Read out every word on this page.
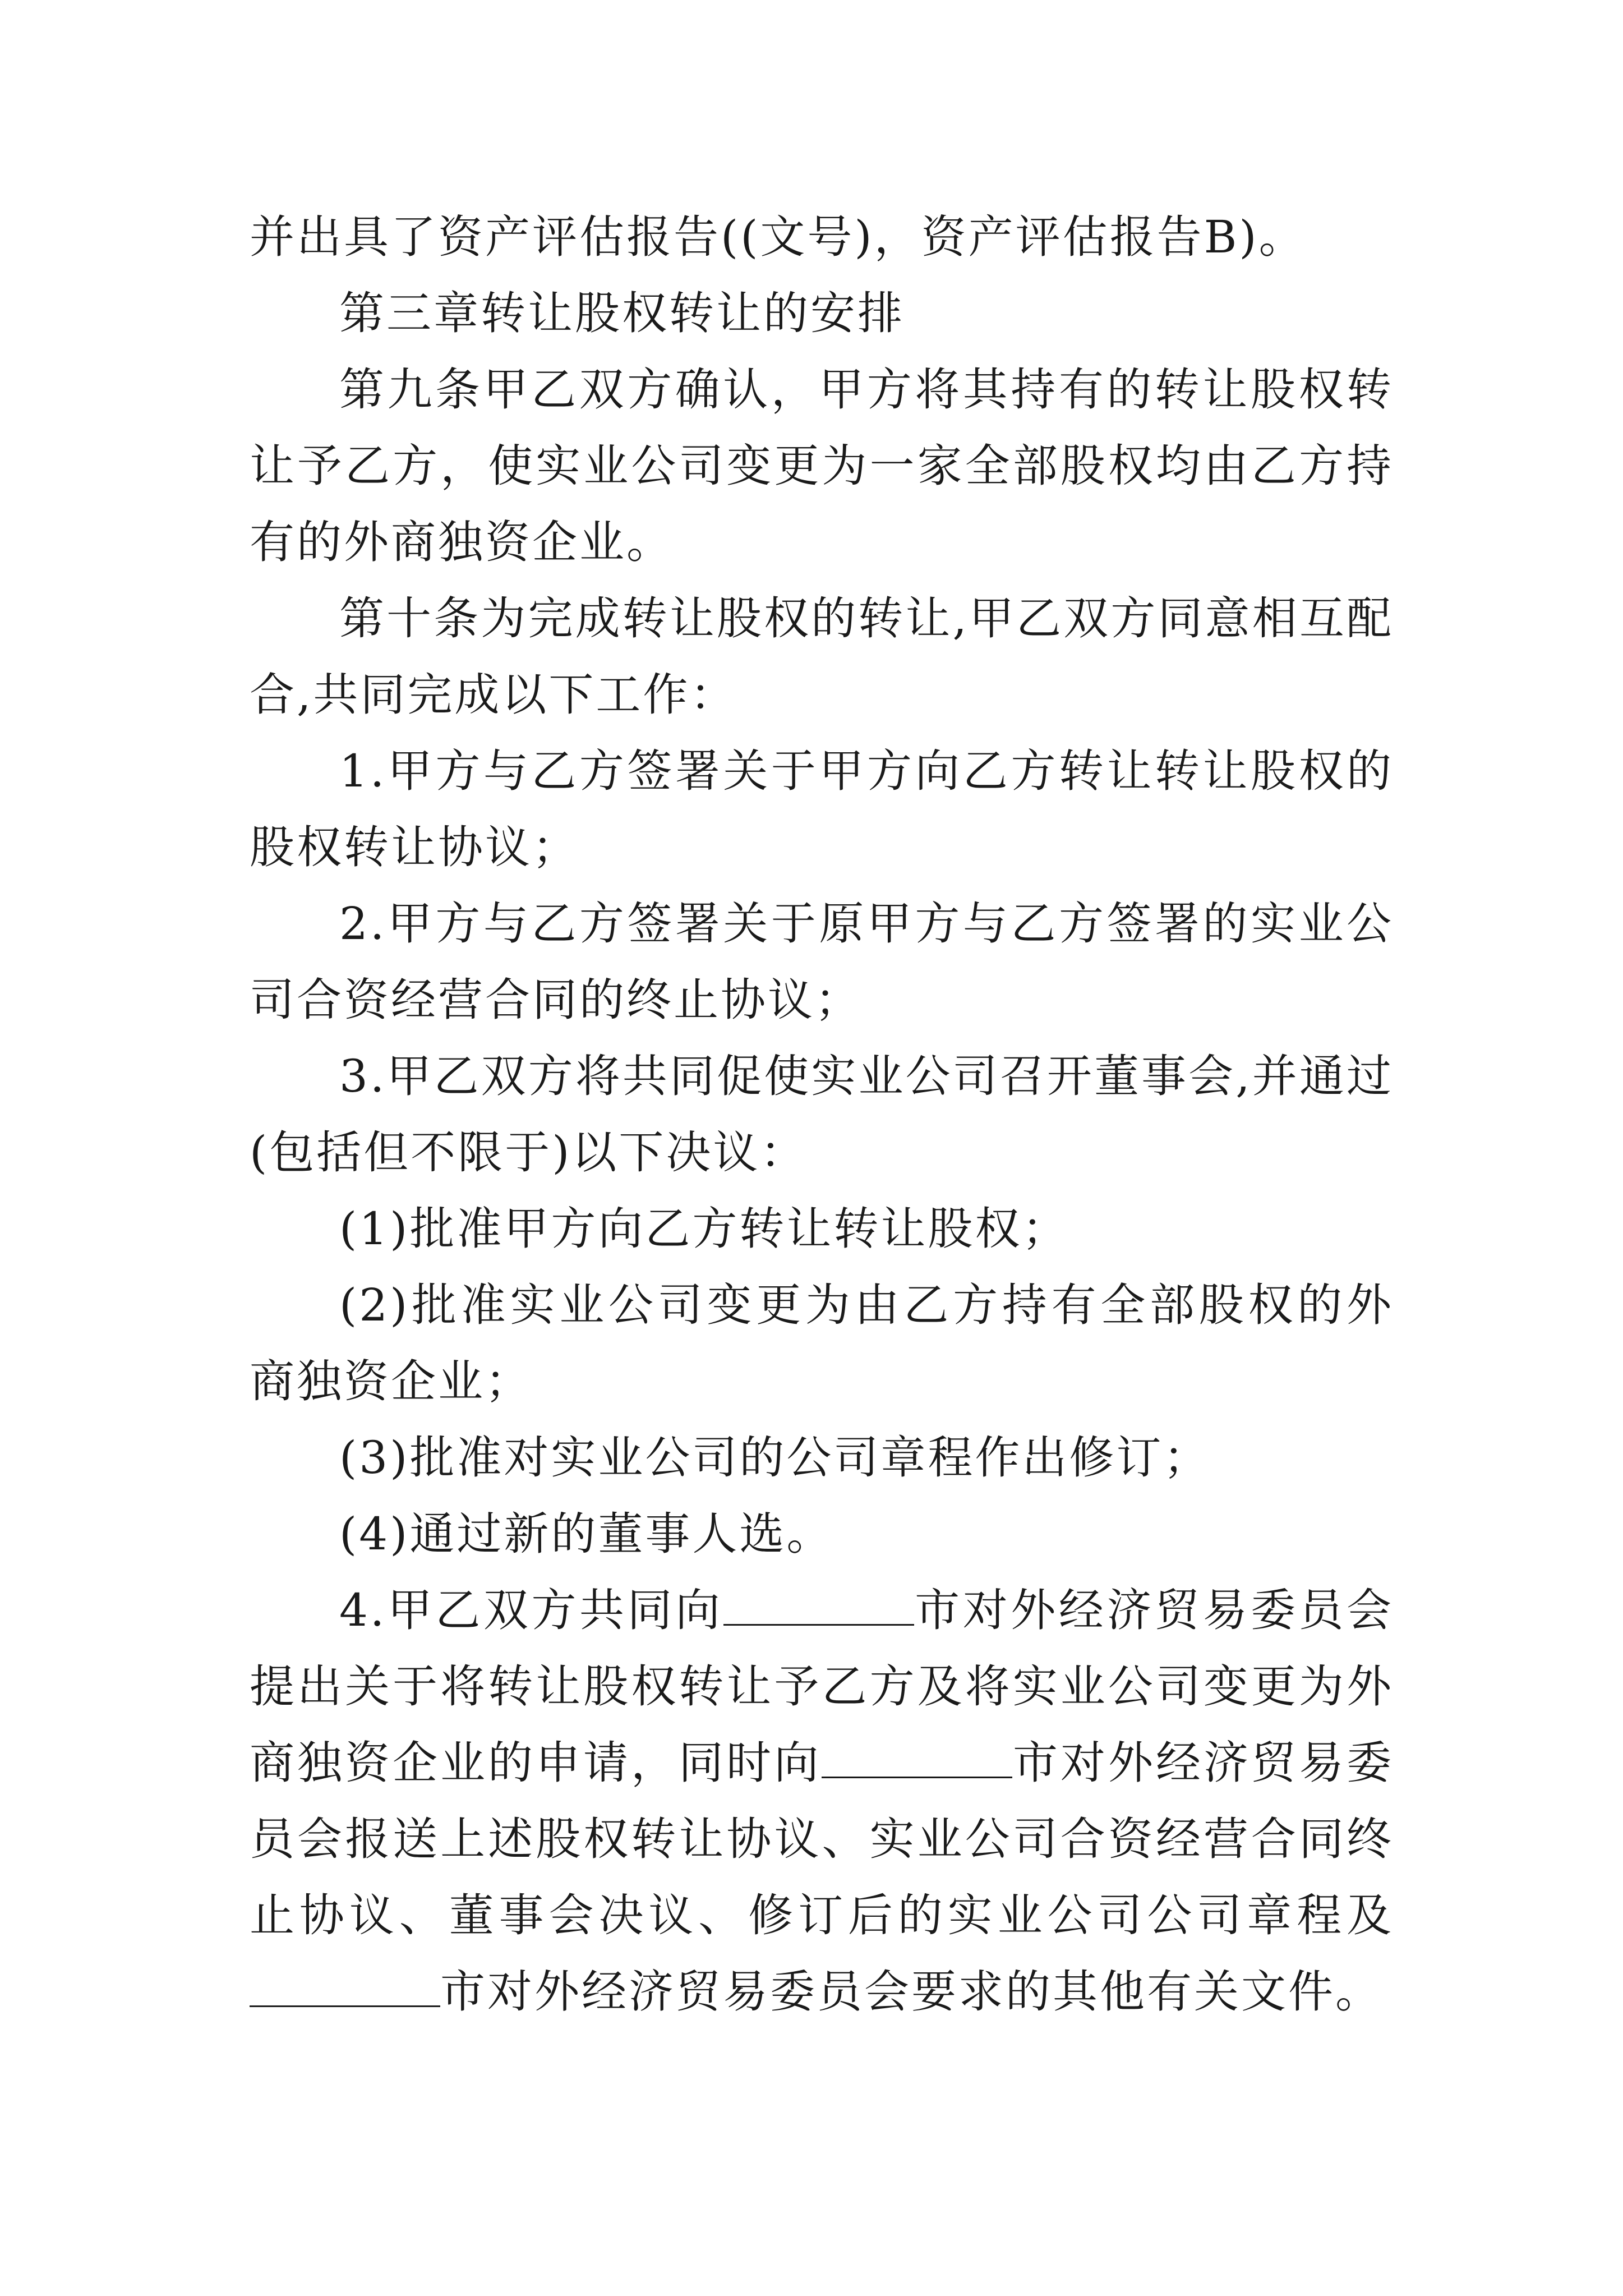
并出具了资产评估报告((文号)，资产评估报告B)。

第三章转让股权转让的安排

第九条甲乙双方确认，甲方将其持有的转让股权转让予乙方，使实业公司变更为一家全部股权均由乙方持有的外商独资企业。

第十条为完成转让股权的转让,甲乙双方同意相互配合,共同完成以下工作：

1.甲方与乙方签署关于甲方向乙方转让转让股权的股权转让协议；

2.甲方与乙方签署关于原甲方与乙方签署的实业公司合资经营合同的终止协议；

3.甲乙双方将共同促使实业公司召开董事会,并通过(包括但不限于)以下决议：

(1)批准甲方向乙方转让转让股权；

(2)批准实业公司变更为由乙方持有全部股权的外商独资企业；

(3)批准对实业公司的公司章程作出修订；

(4)通过新的董事人选。

4.甲乙双方共同向	市对外经济贸易委员会提出关于将转让股权转让予乙方及将实业公司变更为外商独资企业的申请，同时向	市对外经济贸易委员会报送上述股权转让协议、实业公司合资经营合同终止协议、董事会决议、修订后的实业公司公司章程及市对外经济贸易委员会要求的其他有关文件。
